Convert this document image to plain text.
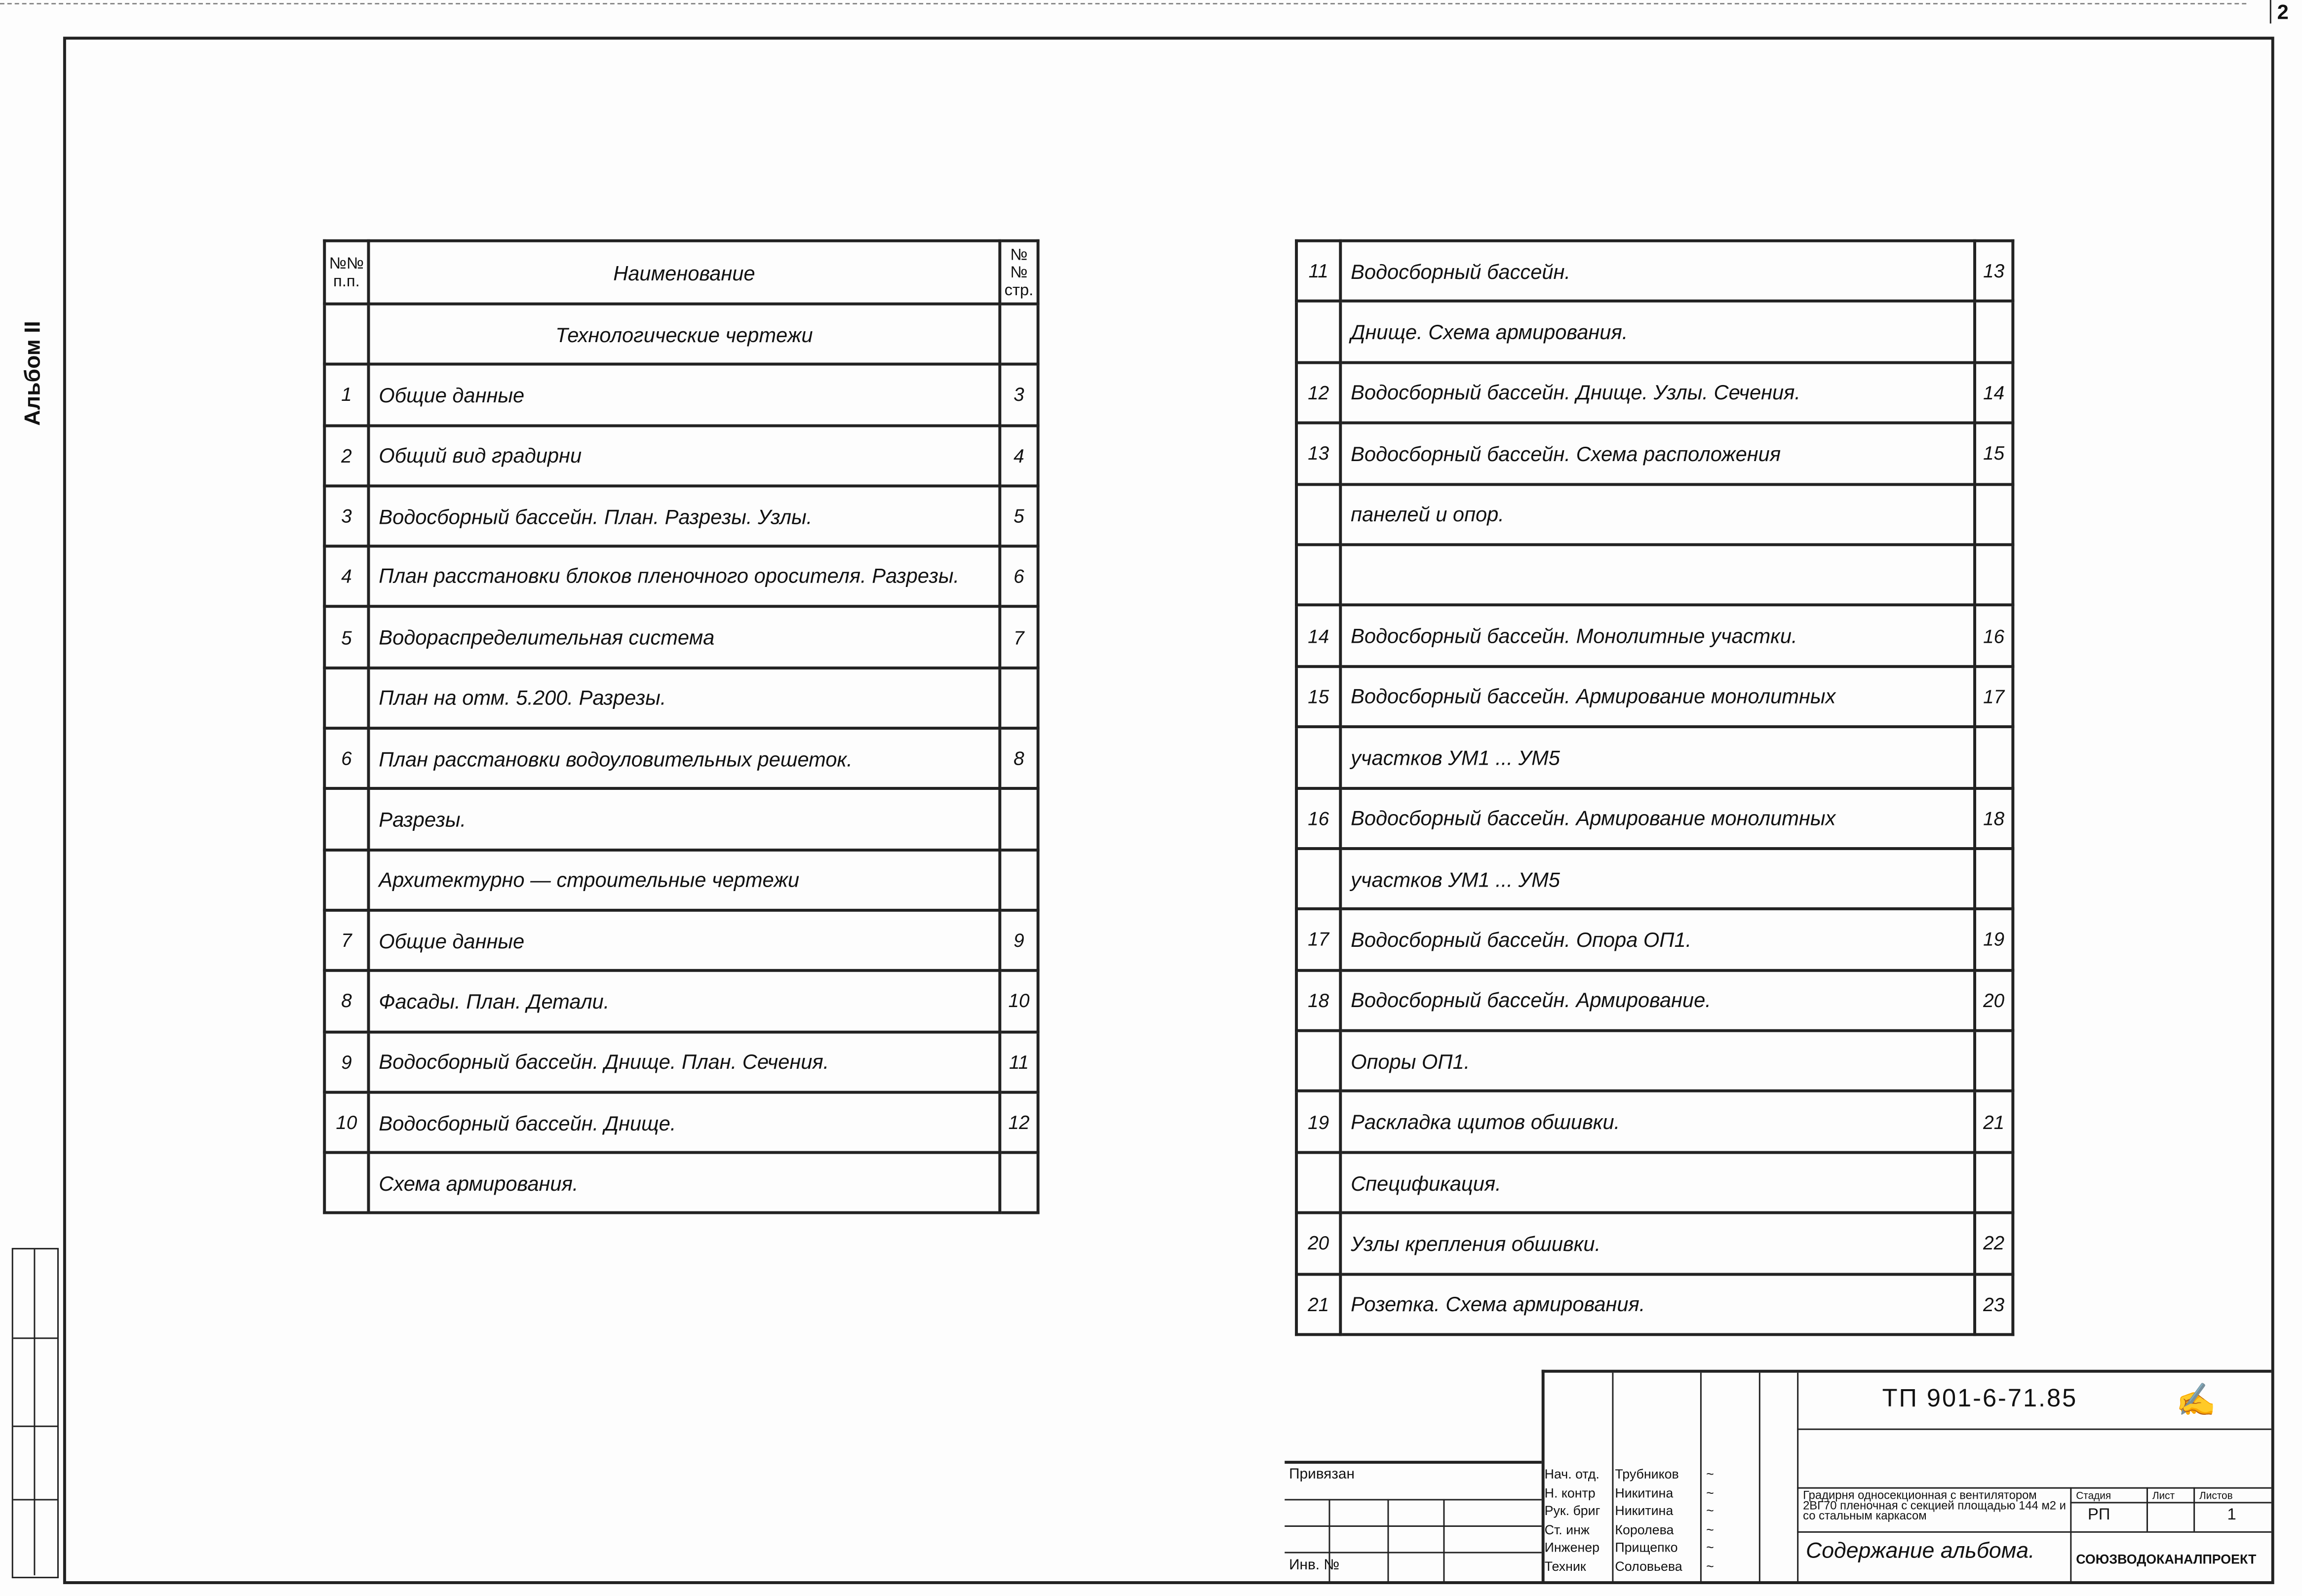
2
Альбом II
№№ п.п.	Наименование	№№ стр.
	Технологические чертежи	
1	Общие данные	3
2	Общий вид градирни	4
3	Водосборный бассейн. План. Разрезы. Узлы.	5
4	План расстановки блоков пленочного оросителя. Разрезы.	6
5	Водораспределительная система	7
	План на отм. 5.200. Разрезы.	
6	План расстановки водоуловительных решеток.	8
	Разрезы.	
	Архитектурно — строительные чертежи	
7	Общие данные	9
8	Фасады. План. Детали.	10
9	Водосборный бассейн. Днище. План. Сечения.	11
10	Водосборный бассейн. Днище.	12
	Схема армирования.	
11	Водосборный бассейн.	13
	Днище. Схема армирования.	
12	Водосборный бассейн. Днище. Узлы. Сечения.	14
13	Водосборный бассейн. Схема расположения	15
	панелей и опор.	

14	Водосборный бассейн. Монолитные участки.	16
15	Водосборный бассейн. Армирование монолитных	17
	участков УМ1 ... УМ5	
16	Водосборный бассейн. Армирование монолитных	18
	участков УМ1 ... УМ5	
17	Водосборный бассейн. Опора ОП1.	19
18	Водосборный бассейн. Армирование.	20
	Опоры ОП1.	
19	Раскладка щитов обшивки.	21
	Спецификация.	
20	Узлы крепления обшивки.	22
21	Розетка. Схема армирования.	23
ТП 901-6-71.85	✍
Нач. отд.	Трубников	~
Н. контр	Никитина	~
Рук. бриг	Никитина	~
Ст. инж	Королева	~
Инженер	Прищепко	~
Техник	Соловьева	~
Градирня односекционная с вентилятором 2ВГ70 пленочная с секцией площадью 144 м2 и со стальным каркасом
Содержание альбома.
Стадия	Лист	Листов
РП	1
СОЮЗВОДОКАНАЛПРОЕКТ
Привязан
Инв. №
